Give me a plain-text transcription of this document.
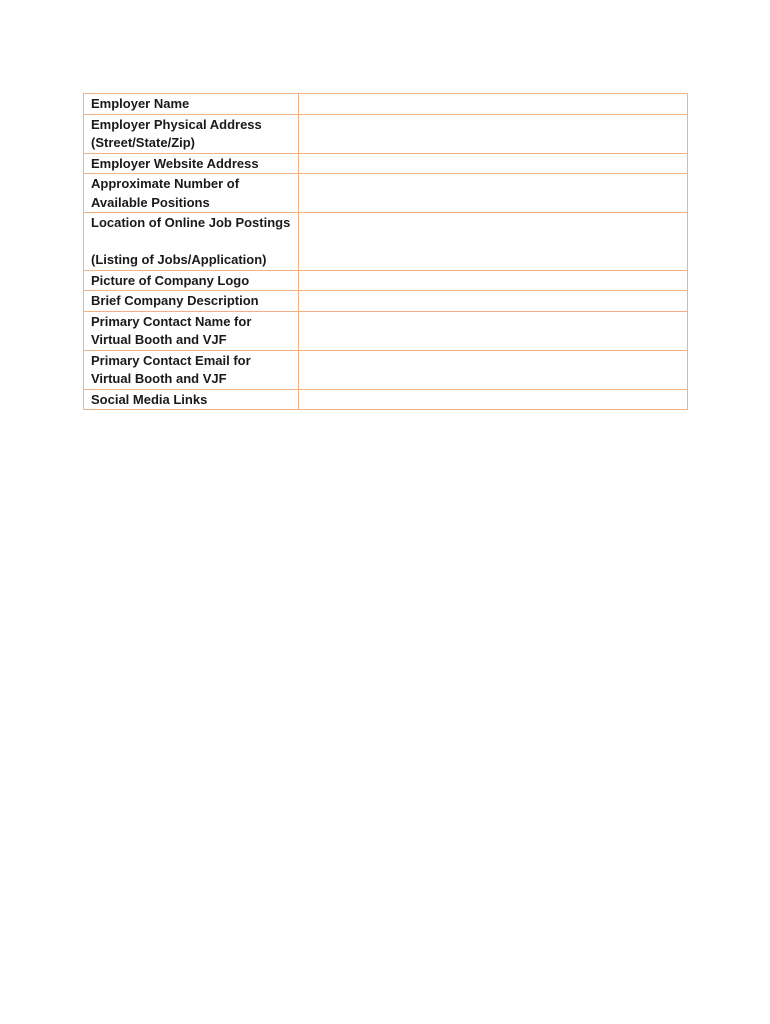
Employer Name	

Employer Physical Address
(Street/State/Zip)	

Employer Website Address	

Approximate Number of
Available Positions	

Location of Online Job Postings
(Listing of Jobs/Application)	

Picture of Company Logo	

Brief Company Description	

Primary Contact Name for
Virtual Booth and VJF	

Primary Contact Email for
Virtual Booth and VJF	

Social Media Links	
